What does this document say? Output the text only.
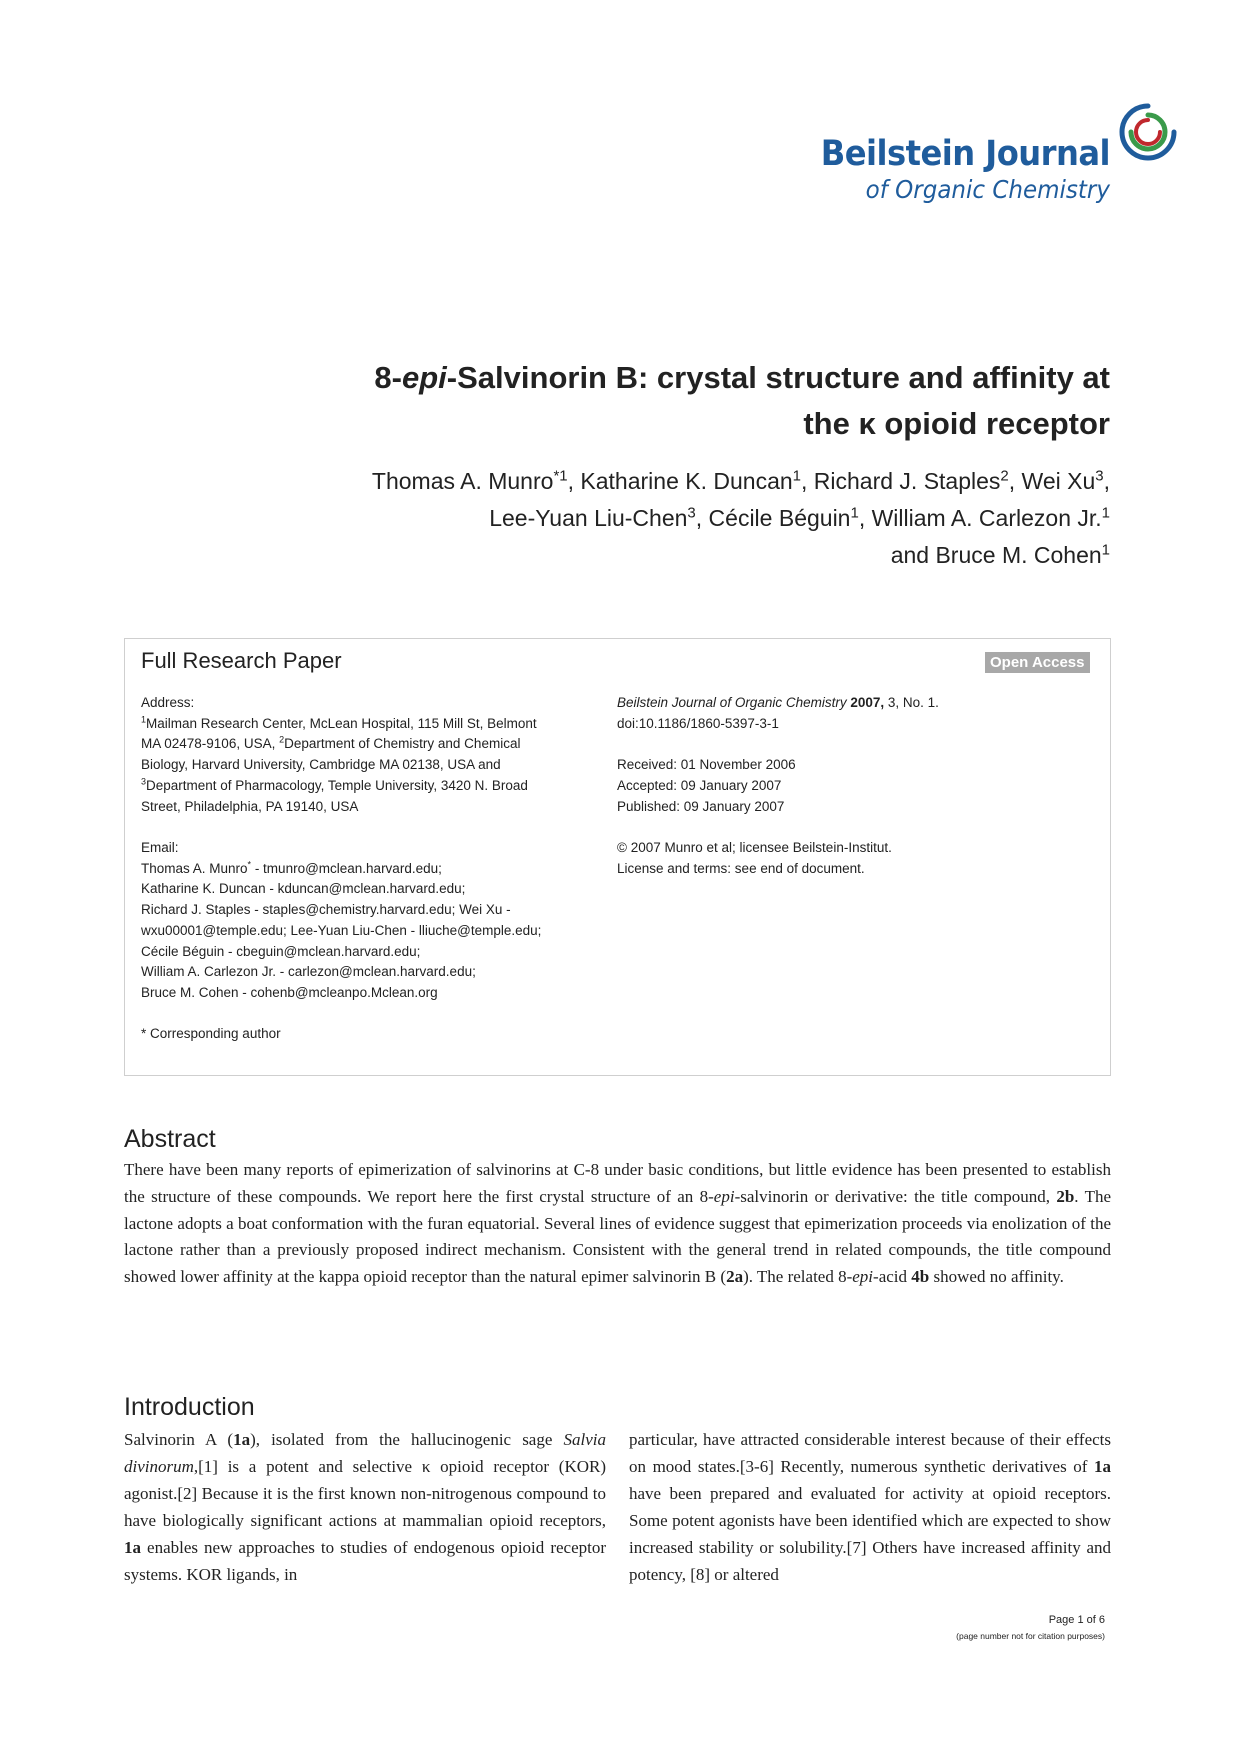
Beilstein Journal
of Organic Chemistry
8-epi-Salvinorin B: crystal structure and affinity at
the κ opioid receptor
Thomas A. Munro$^{*1}$, Katharine K. Duncan$^1$, Richard J. Staples$^2$, Wei Xu$^3$,
Lee-Yuan Liu-Chen$^3$, Cécile Béguin$^1$, William A. Carlezon Jr.$^1$
and Bruce M. Cohen$^1$
Full Research Paper	Open Access
Address:
$^1$Mailman Research Center, McLean Hospital, 115 Mill St, Belmont
MA 02478-9106, USA, $^2$Department of Chemistry and Chemical
Biology, Harvard University, Cambridge MA 02138, USA and
$^3$Department of Pharmacology, Temple University, 3420 N. Broad
Street, Philadelphia, PA 19140, USA
Email:
Thomas A. Munro* - tmunro@mclean.harvard.edu;
Katharine K. Duncan - kduncan@mclean.harvard.edu;
Richard J. Staples - staples@chemistry.harvard.edu; Wei Xu -
wxu00001@temple.edu; Lee-Yuan Liu-Chen - lliuche@temple.edu;
Cécile Béguin - cbeguin@mclean.harvard.edu;
William A. Carlezon Jr. - carlezon@mclean.harvard.edu;
Bruce M. Cohen - cohenb@mcleanpo.Mclean.org
* Corresponding author
Beilstein Journal of Organic Chemistry 2007, 3, No. 1.
doi:10.1186/1860-5397-3-1
Received: 01 November 2006
Accepted: 09 January 2007
Published: 09 January 2007
© 2007 Munro et al; licensee Beilstein-Institut.
License and terms: see end of document.
Abstract
There have been many reports of epimerization of salvinorins at C-8 under basic conditions, but little evidence has been presented to establish the structure of these compounds. We report here the first crystal structure of an 8-epi-salvinorin or derivative: the title compound, 2b. The lactone adopts a boat conformation with the furan equatorial. Several lines of evidence suggest that epimerization proceeds via enolization of the lactone rather than a previously proposed indirect mechanism. Consistent with the general trend in related compounds, the title compound showed lower affinity at the kappa opioid receptor than the natural epimer salvinorin B (2a). The related 8-epi-acid 4b showed no affinity.
Introduction
Salvinorin A (1a), isolated from the hallucinogenic sage Salvia divinorum,[1] is a potent and selective κ opioid receptor (KOR) agonist.[2] Because it is the first known non-nitrogenous compound to have biologically significant actions at mammalian opioid receptors, 1a enables new approaches to studies of endogenous opioid receptor systems. KOR ligands, in
particular, have attracted considerable interest because of their effects on mood states.[3-6] Recently, numerous synthetic derivatives of 1a have been prepared and evaluated for activity at opioid receptors. Some potent agonists have been identified which are expected to show increased stability or solubility.[7] Others have increased affinity and potency, [8] or altered
Page 1 of 6
(page number not for citation purposes)
